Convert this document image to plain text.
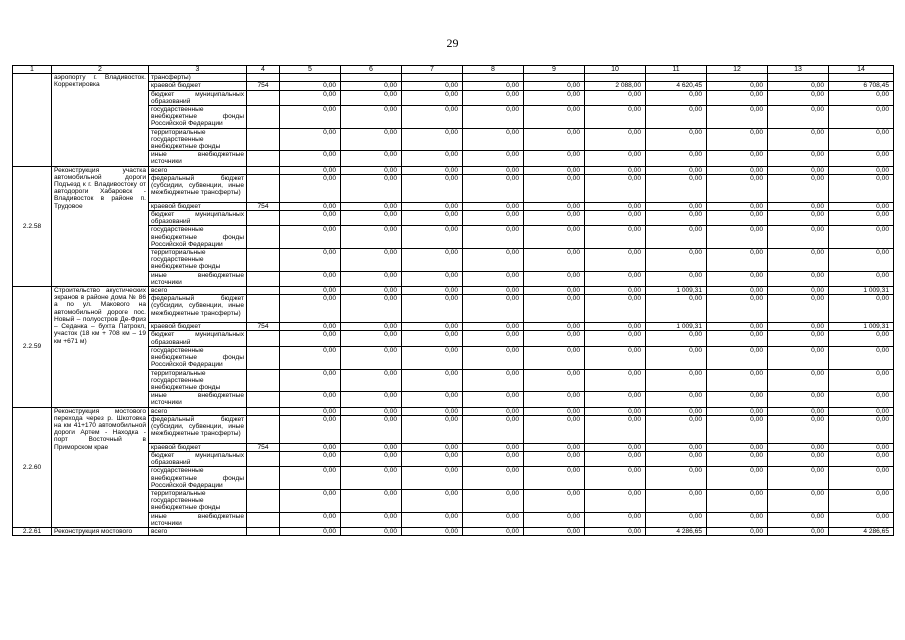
29
1	2	3	4	5	6	7	8	9	10	11	12	13	14
	аэропорту г. Владивосток. Корректировка	трансферты)											
		краевой бюджет	754	0,00	0,00	0,00	0,00	0,00	2 088,00	4 620,45	0,00	0,00	6 708,45
		бюджет муниципальных образований		0,00	0,00	0,00	0,00	0,00	0,00	0,00	0,00	0,00	0,00
		государственные внебюджетные фонды Российской Федерации		0,00	0,00	0,00	0,00	0,00	0,00	0,00	0,00	0,00	0,00
		территориальные государственные внебюджетные фонды		0,00	0,00	0,00	0,00	0,00	0,00	0,00	0,00	0,00	0,00
		иные внебюджетные источники		0,00	0,00	0,00	0,00	0,00	0,00	0,00	0,00	0,00	0,00
2.2.58	Реконструкция участка автомобильной дороги Подъезд к г. Владивостоку от автодороги Хабаровск - Владивосток в районе п. Трудовое	всего		0,00	0,00	0,00	0,00	0,00	0,00	0,00	0,00	0,00	0,00
		федеральный бюджет (субсидии, субвенции, иные межбюджетные трансферты)		0,00	0,00	0,00	0,00	0,00	0,00	0,00	0,00	0,00	0,00
		краевой бюджет	754	0,00	0,00	0,00	0,00	0,00	0,00	0,00	0,00	0,00	0,00
		бюджет муниципальных образований		0,00	0,00	0,00	0,00	0,00	0,00	0,00	0,00	0,00	0,00
		государственные внебюджетные фонды Российской Федерации		0,00	0,00	0,00	0,00	0,00	0,00	0,00	0,00	0,00	0,00
		территориальные государственные внебюджетные фонды		0,00	0,00	0,00	0,00	0,00	0,00	0,00	0,00	0,00	0,00
		иные внебюджетные источники		0,00	0,00	0,00	0,00	0,00	0,00	0,00	0,00	0,00	0,00
2.2.59	Строительство акустических экранов в районе дома № 86 а по ул. Макового на автомобильной дороге пос. Новый – полуостров Де-Фриз – Седанка – бухта Патрокл, участок (18 км + 708 км – 19 км +671 м)	всего		0,00	0,00	0,00	0,00	0,00	0,00	1 009,31	0,00	0,00	1 009,31
		федеральный бюджет (субсидии, субвенции, иные межбюджетные трансферты)		0,00	0,00	0,00	0,00	0,00	0,00	0,00	0,00	0,00	0,00
		краевой бюджет	754	0,00	0,00	0,00	0,00	0,00	0,00	1 009,31	0,00	0,00	1 009,31
		бюджет муниципальных образований		0,00	0,00	0,00	0,00	0,00	0,00	0,00	0,00	0,00	0,00
		государственные внебюджетные фонды Российской Федерации		0,00	0,00	0,00	0,00	0,00	0,00	0,00	0,00	0,00	0,00
		территориальные государственные внебюджетные фонды		0,00	0,00	0,00	0,00	0,00	0,00	0,00	0,00	0,00	0,00
		иные внебюджетные источники		0,00	0,00	0,00	0,00	0,00	0,00	0,00	0,00	0,00	0,00
2.2.60	Реконструкция мостового перехода через р. Шкотовка на км 41+170 автомобильной дороги Артем - Находка - порт Восточный в Приморском крае	всего		0,00	0,00	0,00	0,00	0,00	0,00	0,00	0,00	0,00	0,00
		федеральный бюджет (субсидии, субвенции, иные межбюджетные трансферты)		0,00	0,00	0,00	0,00	0,00	0,00	0,00	0,00	0,00	0,00
		краевой бюджет	754	0,00	0,00	0,00	0,00	0,00	0,00	0,00	0,00	0,00	0,00
		бюджет муниципальных образований		0,00	0,00	0,00	0,00	0,00	0,00	0,00	0,00	0,00	0,00
		государственные внебюджетные фонды Российской Федерации		0,00	0,00	0,00	0,00	0,00	0,00	0,00	0,00	0,00	0,00
		территориальные государственные внебюджетные фонды		0,00	0,00	0,00	0,00	0,00	0,00	0,00	0,00	0,00	0,00
		иные внебюджетные источники		0,00	0,00	0,00	0,00	0,00	0,00	0,00	0,00	0,00	0,00
2.2.61	Реконструкция мостового	всего		0,00	0,00	0,00	0,00	0,00	0,00	4 286,65	0,00	0,00	4 286,65
